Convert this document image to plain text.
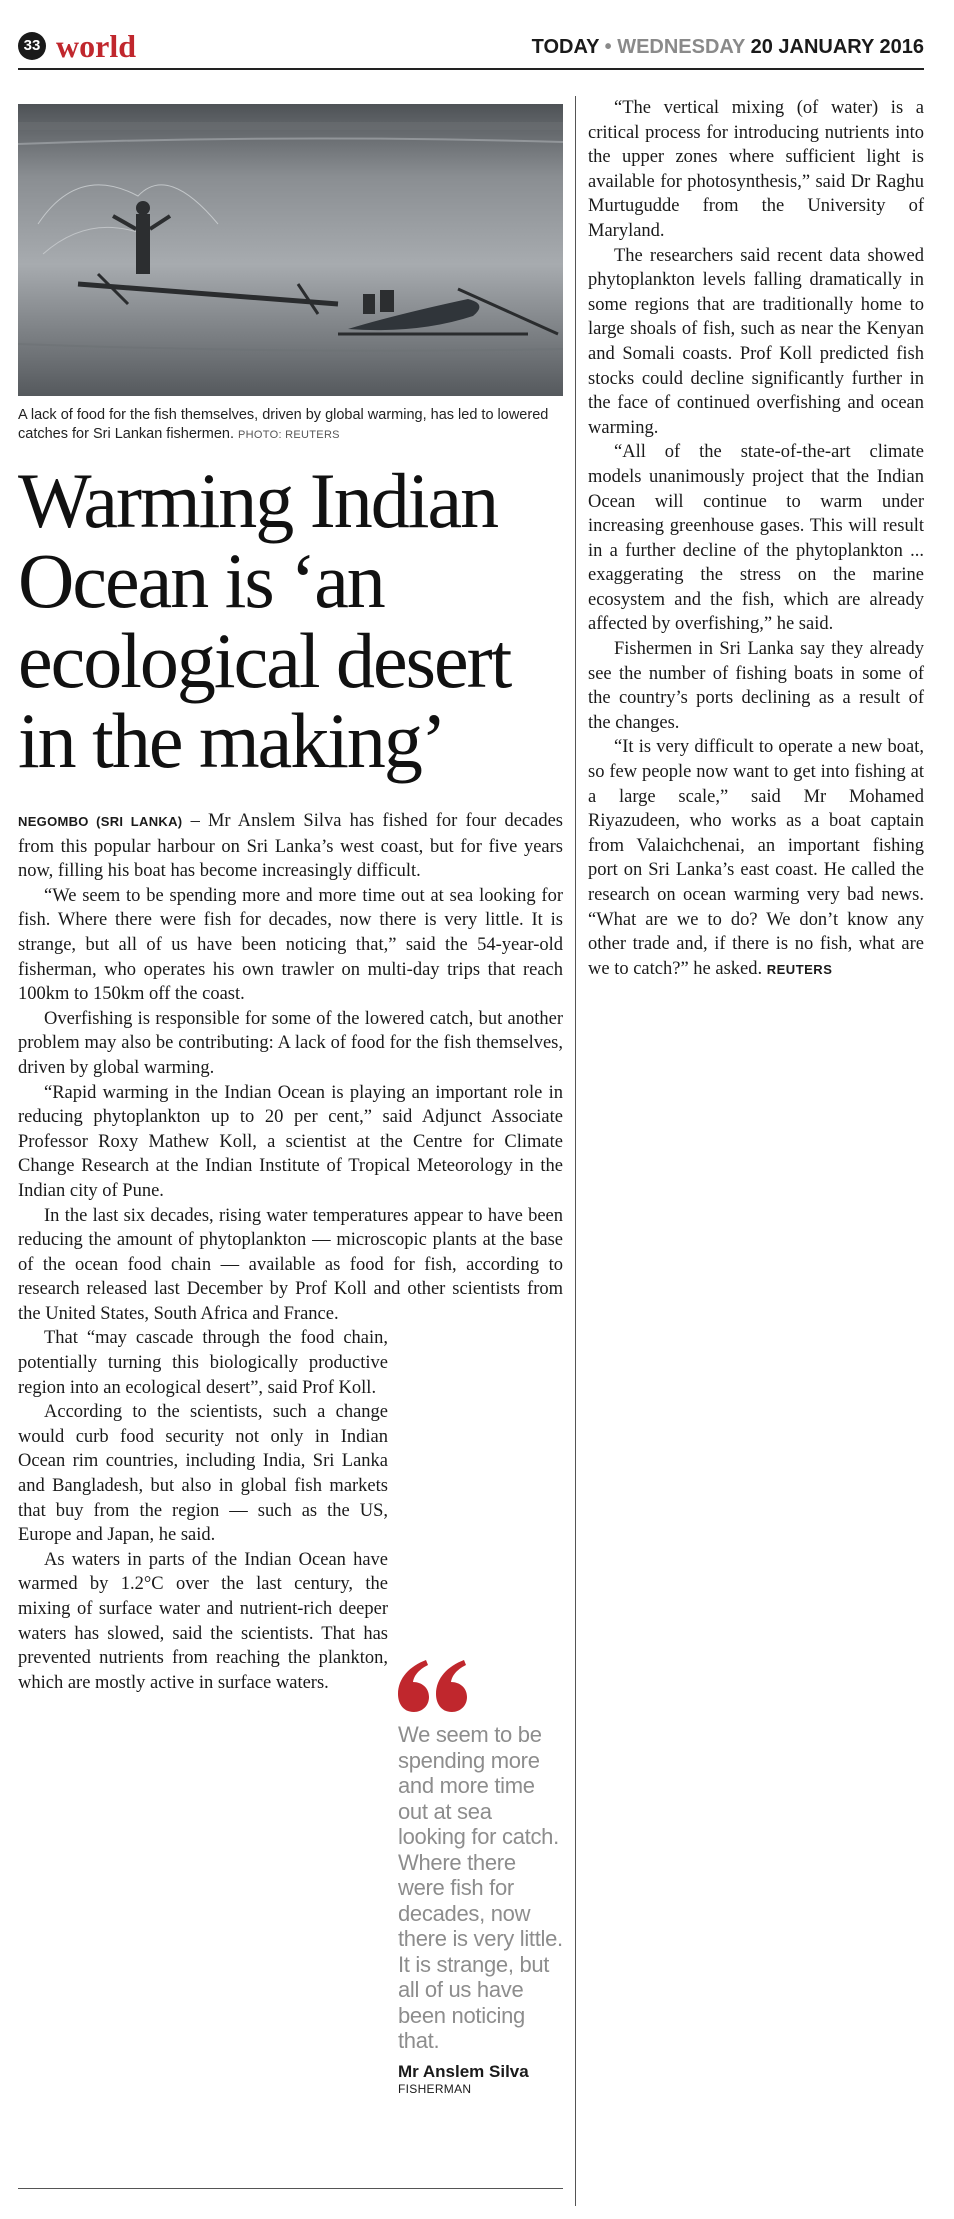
33 world	TODAY • WEDNESDAY 20 JANUARY 2016
A lack of food for the fish themselves, driven by global warming, has led to lowered catches for Sri Lankan fishermen. PHOTO: REUTERS
Warming Indian Ocean is ‘an ecological desert in the making’

NEGOMBO (SRI LANKA) – Mr Anslem Silva has fished for four decades from this popular harbour on Sri Lanka’s west coast, but for five years now, filling his boat has become increasingly difficult.

“We seem to be spending more and more time out at sea looking for fish. Where there were fish for decades, now there is very little. It is strange, but all of us have been noticing that,” said the 54-year-old fisherman, who operates his own trawler on multi-day trips that reach 100km to 150km off the coast.

Overfishing is responsible for some of the lowered catch, but another problem may also be contributing: A lack of food for the fish themselves, driven by global warming.

“Rapid warming in the Indian Ocean is playing an important role in reducing phytoplankton up to 20 per cent,” said Adjunct Associate Professor Roxy Mathew Koll, a scientist at the Centre for Climate Change Research at the Indian Institute of Tropical Meteorology in the Indian city of Pune.

In the last six decades, rising water temperatures appear to have been reducing the amount of phytoplankton — microscopic plants at the base of the ocean food chain — available as food for fish, according to research released last December by Prof Koll and other scientists from the United States, South Africa and France.

That “may cascade through the food chain, potentially turning this biologically productive region into an ecological desert”, said Prof Koll.

According to the scientists, such a change would curb food security not only in Indian Ocean rim countries, including India, Sri Lanka and Bangladesh, but also in global fish markets that buy from the region — such as the US, Europe and Japan, he said.

As waters in parts of the Indian Ocean have warmed by 1.2°C over the last century, the mixing of surface water and nutrient-rich deeper waters has slowed, said the scientists. That has prevented nutrients from reaching the plankton, which are mostly active in surface waters.

We seem to be spending more and more time out at sea looking for catch. Where there were fish for decades, now there is very little. It is strange, but all of us have been noticing that.
Mr Anslem Silva
FISHERMAN

“The vertical mixing (of water) is a critical process for introducing nutrients into the upper zones where sufficient light is available for photosynthesis,” said Dr Raghu Murtugudde from the University of Maryland.

The researchers said recent data showed phytoplankton levels falling dramatically in some regions that are traditionally home to large shoals of fish, such as near the Kenyan and Somali coasts. Prof Koll predicted fish stocks could decline significantly further in the face of continued overfishing and ocean warming.

“All of the state-of-the-art climate models unanimously project that the Indian Ocean will continue to warm under increasing greenhouse gases. This will result in a further decline of the phytoplankton ... exaggerating the stress on the marine ecosystem and the fish, which are already affected by overfishing,” he said.

Fishermen in Sri Lanka say they already see the number of fishing boats in some of the country’s ports declining as a result of the changes.

“It is very difficult to operate a new boat, so few people now want to get into fishing at a large scale,” said Mr Mohamed Riyazudeen, who works as a boat captain from Valaichchenai, an important fishing port on Sri Lanka’s east coast. He called the research on ocean warming very bad news. “What are we to do? We don’t know any other trade and, if there is no fish, what are we to catch?” he asked. REUTERS
